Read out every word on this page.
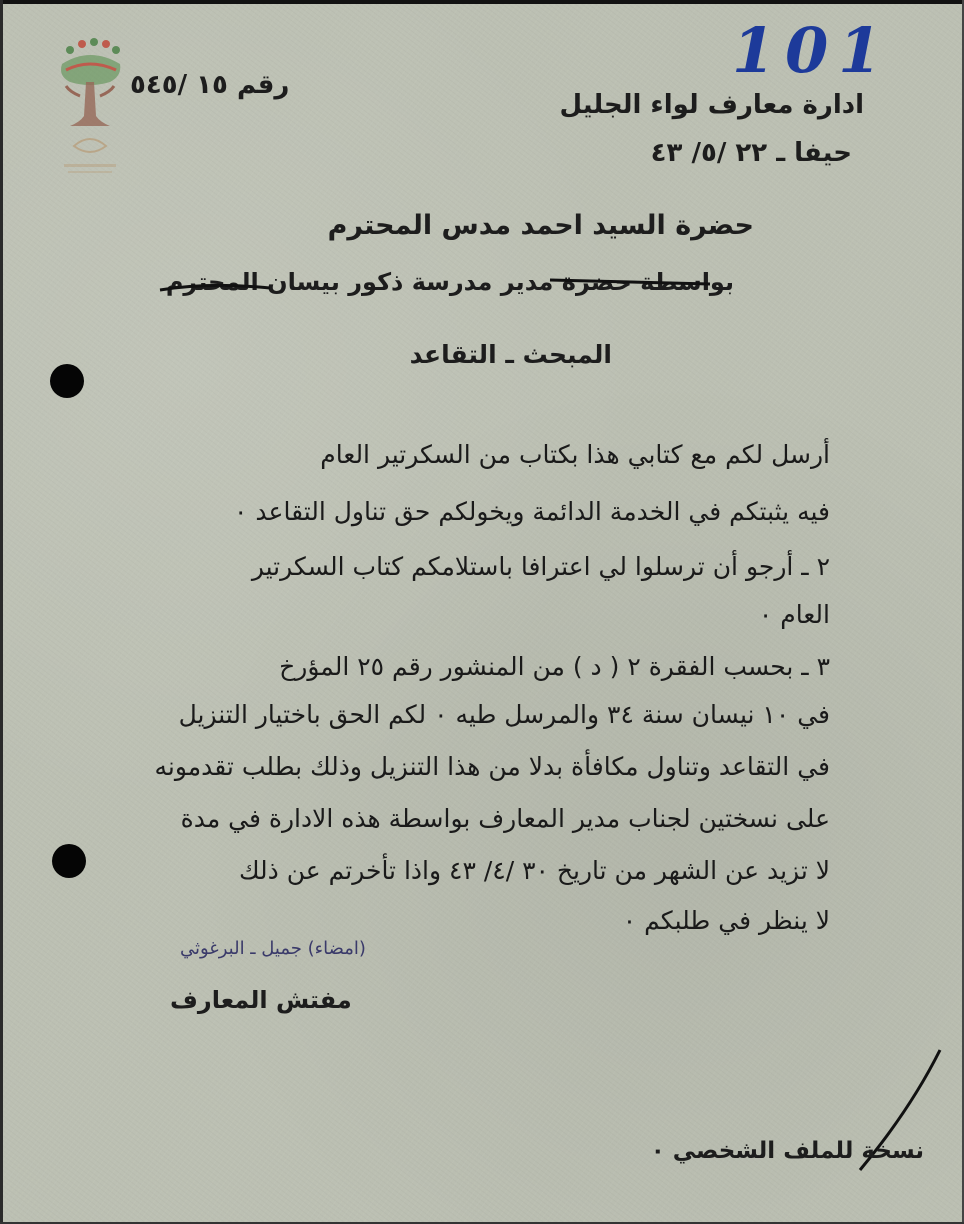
101
رقم ١٥ /٥٤٥
ادارة معارف لواء الجليل
حيفا ـ ٢٢ /٥/ ٤٣
حضرة السيد احمد مدس المحترم
بواسطة حضرة مدير مدرسة ذكور بيسان المحترم
المبحث ـ التقاعد
أرسل لكم مع كتابي هذا بكتاب من السكرتير العام
فيه يثبتكم في الخدمة الدائمة ويخولكم حق تناول التقاعد ٠
٢ ـ أرجو أن ترسلوا لي اعترافا باستلامكم كتاب السكرتير
العام ٠
٣ ـ بحسب الفقرة ٢ ( د ) من المنشور رقم ٢٥ المؤرخ
في ١٠ نيسان سنة ٣٤ والمرسل طيه ٠ لكم الحق باختيار التنزيل
في التقاعد وتناول مكافأة بدلا من هذا التنزيل وذلك بطلب تقدمونه
على نسختين لجناب مدير المعارف بواسطة هذه الادارة في مدة
لا تزيد عن الشهر من تاريخ ٣٠ /٤/ ٤٣ واذا تأخرتم عن ذلك
لا ينظر في طلبكم ٠
(امضاء) جميل ـ البرغوثي
مفتش المعارف
نسخة للملف الشخصي ٠
